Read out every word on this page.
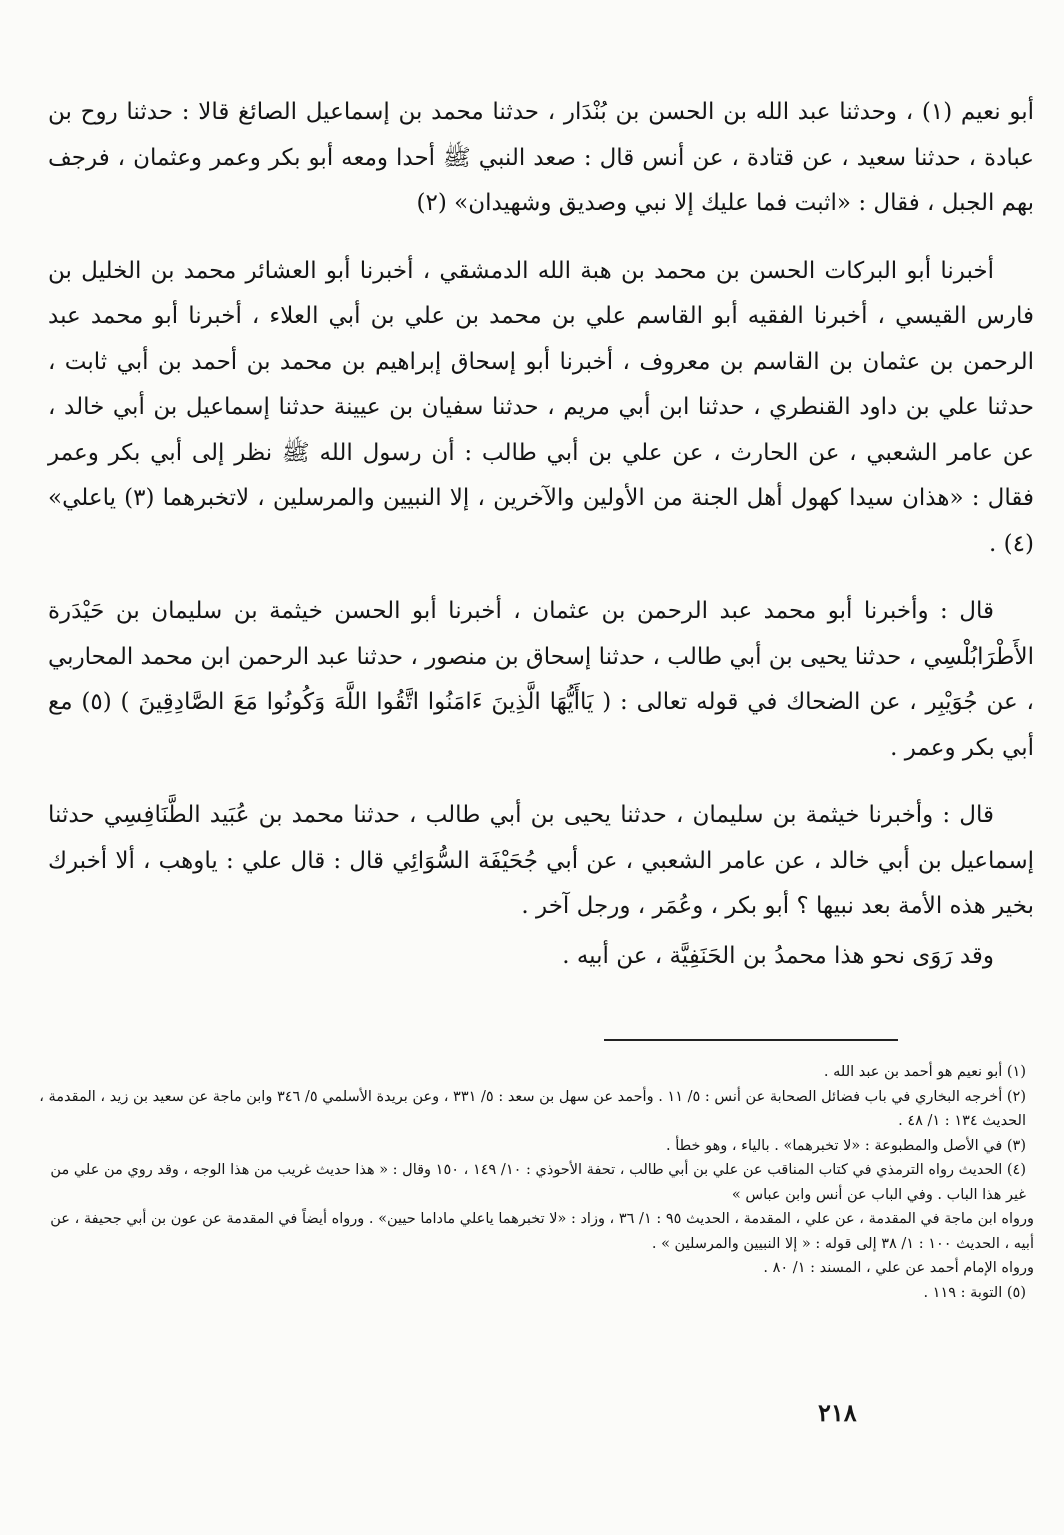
أبو نعيم (١) ، وحدثنا عبد الله بن الحسن بن بُنْدَار ، حدثنا محمد بن إسماعيل الصائغ قالا : حدثنا روح بن عبادة ، حدثنا سعيد ، عن قتادة ، عن أنس قال : صعد النبي ﷺ أحدا ومعه أبو بكر وعمر وعثمان ، فرجف بهم الجبل ، فقال : «اثبت فما عليك إلا نبي وصديق وشهيدان» (٢)

أخبرنا أبو البركات الحسن بن محمد بن هبة الله الدمشقي ، أخبرنا أبو العشائر محمد بن الخليل بن فارس القيسي ، أخبرنا الفقيه أبو القاسم علي بن محمد بن علي بن أبي العلاء ، أخبرنا أبو محمد عبد الرحمن بن عثمان بن القاسم بن معروف ، أخبرنا أبو إسحاق إبراهيم بن محمد بن أحمد بن أبي ثابت ، حدثنا علي بن داود القنطري ، حدثنا ابن أبي مريم ، حدثنا سفيان بن عيينة حدثنا إسماعيل بن أبي خالد ، عن عامر الشعبي ، عن الحارث ، عن علي بن أبي طالب : أن رسول الله ﷺ نظر إلى أبي بكر وعمر فقال : «هذان سيدا كهول أهل الجنة من الأولين والآخرين ، إلا النبيين والمرسلين ، لاتخبرهما (٣) ياعلي» (٤) .

قال : وأخبرنا أبو محمد عبد الرحمن بن عثمان ، أخبرنا أبو الحسن خيثمة بن سليمان بن حَيْدَرة الأَطْرَابُلْسِي ، حدثنا يحيى بن أبي طالب ، حدثنا إسحاق بن منصور ، حدثنا عبد الرحمن ابن محمد المحاربي ، عن جُوَيْبِر ، عن الضحاك في قوله تعالى : ( يَاأَيُّهَا الَّذِينَ ءَامَنُوا اتَّقُوا اللَّهَ وَكُونُوا مَعَ الصَّادِقِينَ ) (٥) مع أبي بكر وعمر .

قال : وأخبرنا خيثمة بن سليمان ، حدثنا يحيى بن أبي طالب ، حدثنا محمد بن عُبَيد الطَّنَافِسِي حدثنا إسماعيل بن أبي خالد ، عن عامر الشعبي ، عن أبي جُحَيْفَة السُّوَائِي قال : قال علي : ياوهب ، ألا أخبرك بخير هذه الأمة بعد نبيها ؟ أبو بكر ، وعُمَر ، ورجل آخر .

وقد رَوَى نحو هذا محمدُ بن الحَنَفِيَّة ، عن أبيه .

(١) أبو نعيم هو أحمد بن عبد الله .

(٢) أخرجه البخاري في باب فضائل الصحابة عن أنس : ٥/ ١١ . وأحمد عن سهل بن سعد : ٥/ ٣٣١ ، وعن بريدة الأسلمي ٥/ ٣٤٦ وابن ماجة عن سعيد بن زيد ، المقدمة ، الحديث ١٣٤ : ١/ ٤٨ .

(٣) في الأصل والمطبوعة : «لا تخبرهما» . بالياء ، وهو خطأ .

(٤) الحديث رواه الترمذي في كتاب المناقب عن علي بن أبي طالب ، تحفة الأحوذي : ١٠/ ١٤٩ ، ١٥٠ وقال : « هذا حديث غريب من هذا الوجه ، وقد روي من علي من غير هذا الباب . وفي الباب عن أنس وابن عباس »

ورواه ابن ماجة في المقدمة ، عن علي ، المقدمة ، الحديث ٩٥ : ١/ ٣٦ ، وزاد : «لا تخبرهما ياعلي ماداما حيين» . ورواه أيضاً في المقدمة عن عون بن أبي جحيفة ، عن أبيه ، الحديث ١٠٠ : ١/ ٣٨ إلى قوله : « إلا النبيين والمرسلين » .

ورواه الإمام أحمد عن علي ، المسند : ١/ ٨٠ .

(٥) التوبة : ١١٩ .

٢١٨
